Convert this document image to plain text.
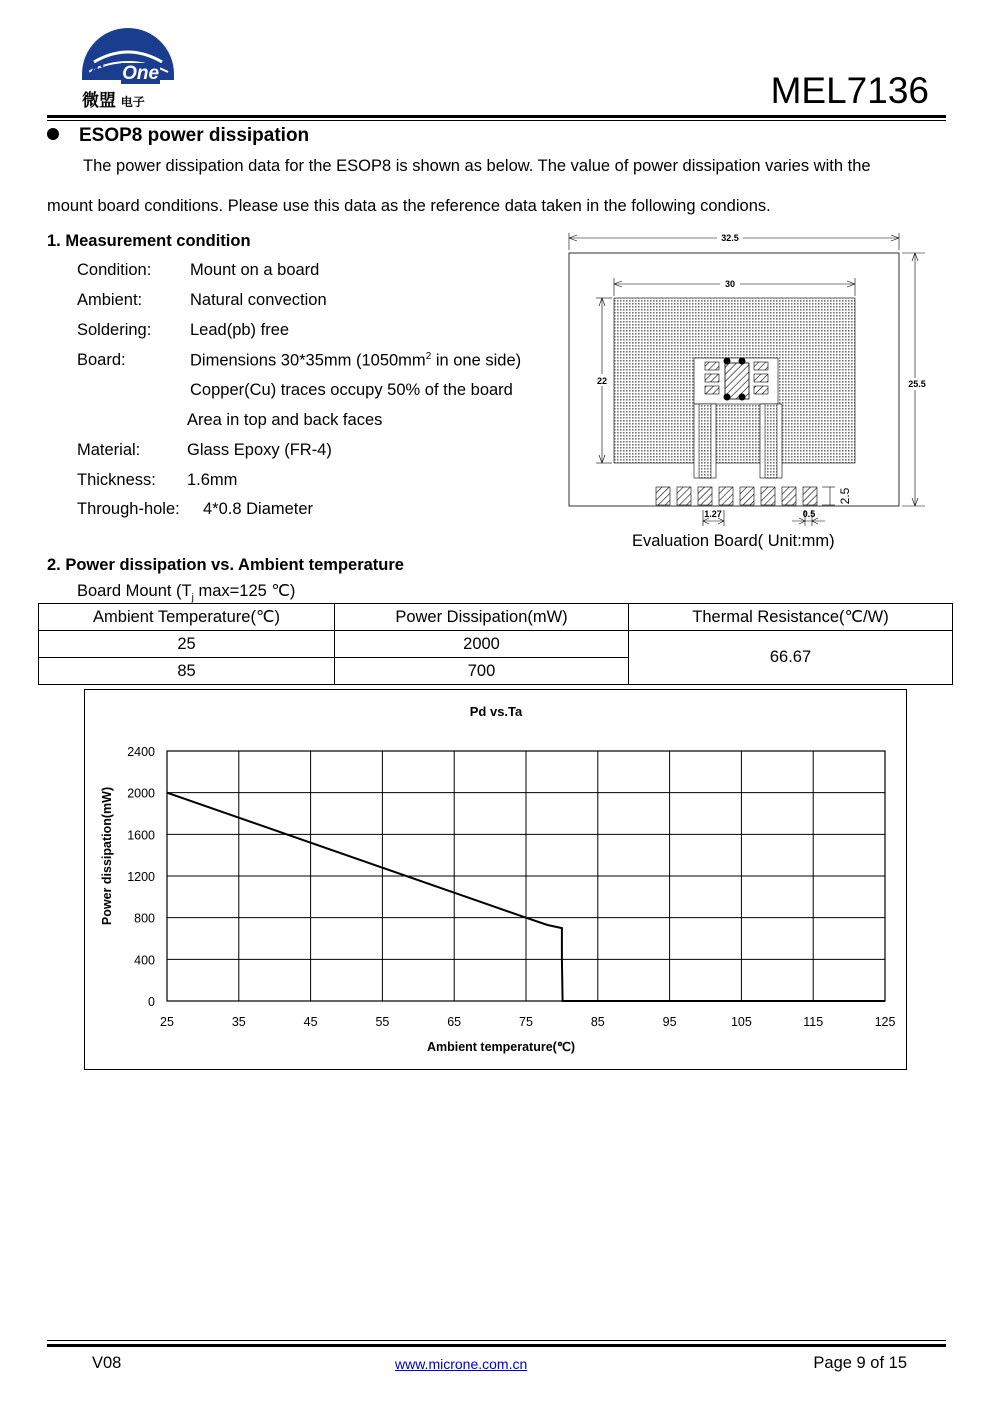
MicrOne
微盟 电子	MEL7136
ESOP8 power dissipation
The power dissipation data for the ESOP8 is shown as below. The value of power dissipation varies with the
mount board conditions. Please use this data as the reference data taken in the following condions.
1. Measurement condition
Condition: Mount on a board
Ambient:	Natural convection
Soldering: Lead(pb) free
Board:	Dimensions 30*35mm ($1050mm^2$ in one side)
Copper(Cu) traces occupy 50% of the board
Area in top and back faces
Material:	Glass Epoxy (FR-4)
Thickness: 1.6mm
Through-hole: 4*0.8 Diameter
32.5
30
22	25.5
2.5
1.27	0.5
Evaluation Board( Unit:mm)
2. Power dissipation vs. Ambient temperature
Board Mount ($T_j$ max=125 ℃)
Ambient Temperature(℃)	Power Dissipation(mW)	Thermal Resistance(℃/W)
25	2000	66.67
85	700	
Pd vs.Ta
25	35	45	55	65	75	85	95	105	115	125
0
400
800
1200
1600
2000
2400
Ambient temperature(℃)
Power dissipation(mW)
V08	www.microne.com.cn	Page 9 of 15
